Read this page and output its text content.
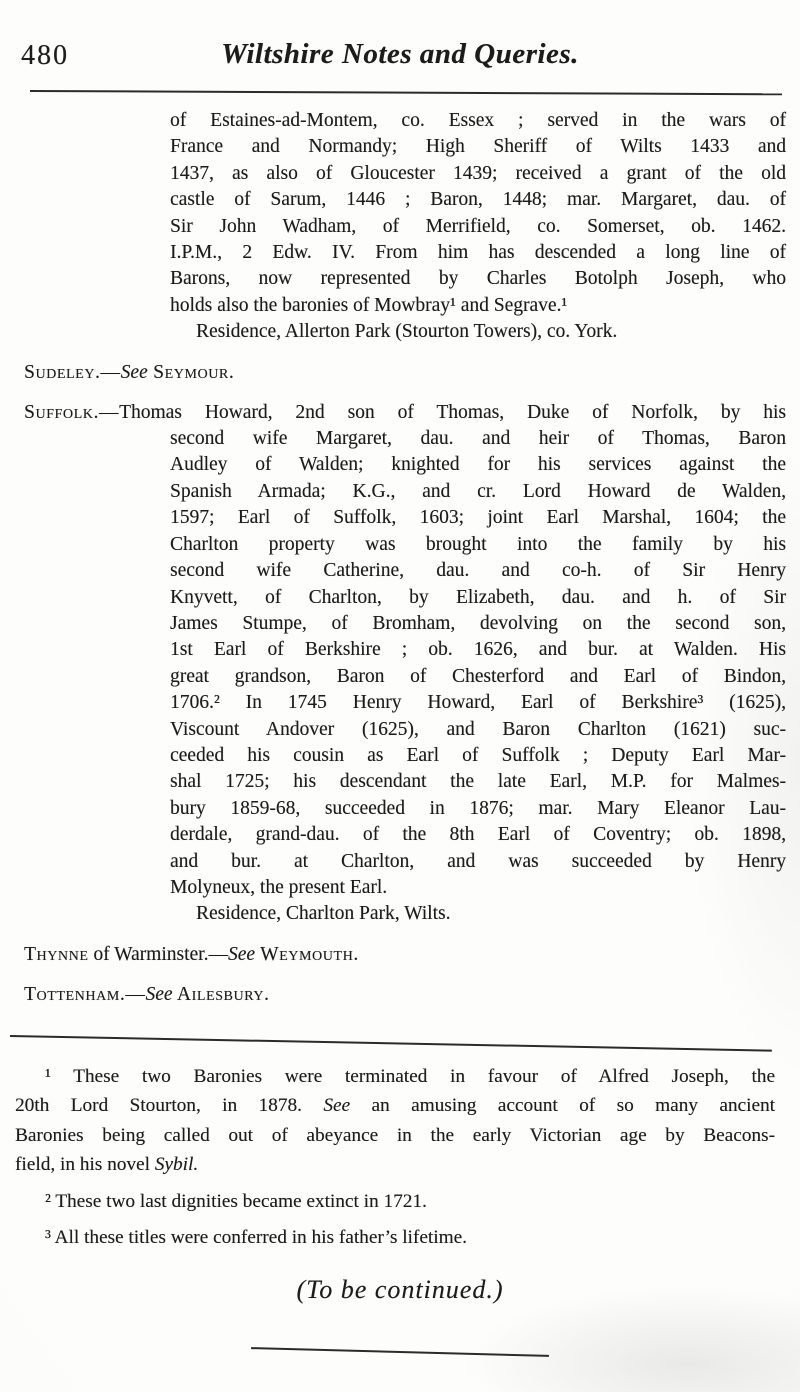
480	Wiltshire Notes and Queries.
of Estaines-ad-Montem, co. Essex ; served in the wars of
France and Normandy; High Sheriff of Wilts 1433 and
1437, as also of Gloucester 1439; received a grant of the old
castle of Sarum, 1446 ; Baron, 1448; mar. Margaret, dau. of
Sir John Wadham, of Merrifield, co. Somerset, ob. 1462.
I.P.M., 2 Edw. IV. From him has descended a long line of
Barons, now represented by Charles Botolph Joseph, who
holds also the baronies of Mowbray¹ and Segrave.¹
Residence, Allerton Park (Stourton Towers), co. York.
Sudeley.—See Seymour.
Suffolk.—Thomas Howard, 2nd son of Thomas, Duke of Norfolk, by his
second wife Margaret, dau. and heir of Thomas, Baron
Audley of Walden; knighted for his services against the
Spanish Armada; K.G., and cr. Lord Howard de Walden,
1597; Earl of Suffolk, 1603; joint Earl Marshal, 1604; the
Charlton property was brought into the family by his
second wife Catherine, dau. and co-h. of Sir Henry
Knyvett, of Charlton, by Elizabeth, dau. and h. of Sir
James Stumpe, of Bromham, devolving on the second son,
1st Earl of Berkshire ; ob. 1626, and bur. at Walden. His
great grandson, Baron of Chesterford and Earl of Bindon,
1706.² In 1745 Henry Howard, Earl of Berkshire³ (1625),
Viscount Andover (1625), and Baron Charlton (1621) suc-
ceeded his cousin as Earl of Suffolk ; Deputy Earl Mar-
shal 1725; his descendant the late Earl, M.P. for Malmes-
bury 1859-68, succeeded in 1876; mar. Mary Eleanor Lau-
derdale, grand-dau. of the 8th Earl of Coventry; ob. 1898,
and bur. at Charlton, and was succeeded by Henry
Molyneux, the present Earl.
Residence, Charlton Park, Wilts.
Thynne of Warminster.—See Weymouth.
Tottenham.—See Ailesbury.
¹ These two Baronies were terminated in favour of Alfred Joseph, the
20th Lord Stourton, in 1878. See an amusing account of so many ancient
Baronies being called out of abeyance in the early Victorian age by Beacons-
field, in his novel Sybil.
² These two last dignities became extinct in 1721.
³ All these titles were conferred in his father’s lifetime.
(To be continued.)
